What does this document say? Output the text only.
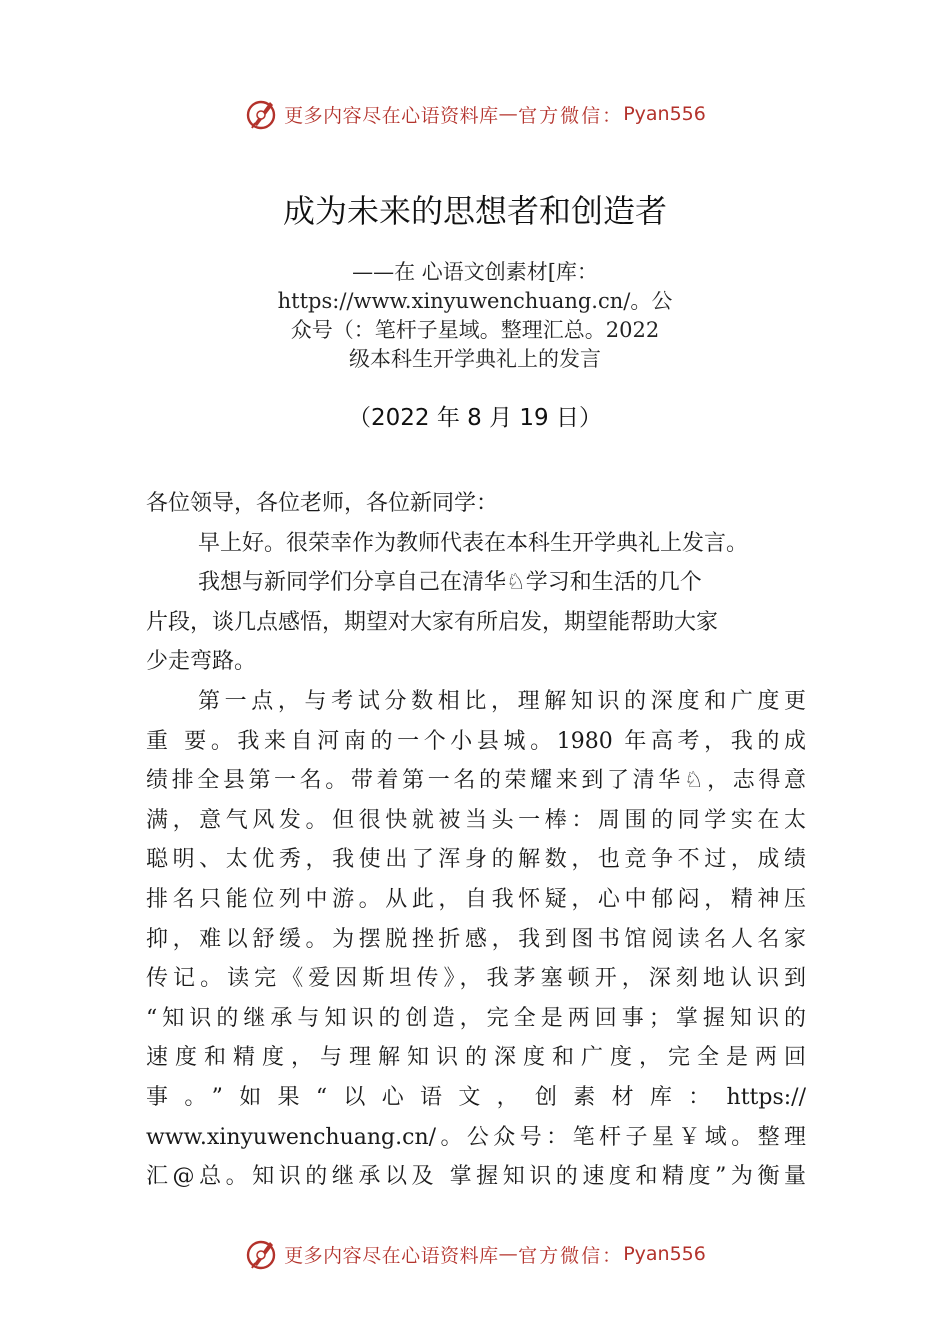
更多内容尽在心语资料库 — 官方微信： Pyan556
成为未来的思想者和创造者
——在 心语文创素材[库：
https://www.xinyuwenchuang.cn/。公
众号（：笔杆子星域。整理汇总。2022
级本科生开学典礼上的发言
（2022 年 8 月 19 日）
各位领导，各位老师，各位新同学：
早上好。很荣幸作为教师代表在本科生开学典礼上发言。
我想与新同学们分享自己在清华♘学习和生活的几个
片段，谈几点感悟，期望对大家有所启发，期望能帮助大家
少走弯路。
第一点，与考试分数相比，理解知识的深度和广度更
重 要。我来自河南的一个小县城。1980 年高考，我的成
绩排全县第一名。带着第一名的荣耀来到了清华♘，志得意
满，意气风发。但很快就被当头一棒：周围的同学实在太
聪明、太优秀，我使出了浑身的解数，也竞争不过，成绩
排名只能位列中游。从此，自我怀疑，心中郁闷，精神压
抑，难以舒缓。为摆脱挫折感，我到图书馆阅读名人名家
传记。读完《爱因斯坦传》，我茅塞顿开，深刻地认识到
“知识的继承与知识的创造，完全是两回事；掌握知识的
速度和精度，与理解知识的深度和广度，完全是两回
事。”如果“以心语文，创素材库：https://
www.xinyuwenchuang.cn/。公众号：笔杆子星￥域。整理
汇@总。知识的继承以及 掌握知识的速度和精度”为衡量
更多内容尽在心语资料库 — 官方微信： Pyan556
